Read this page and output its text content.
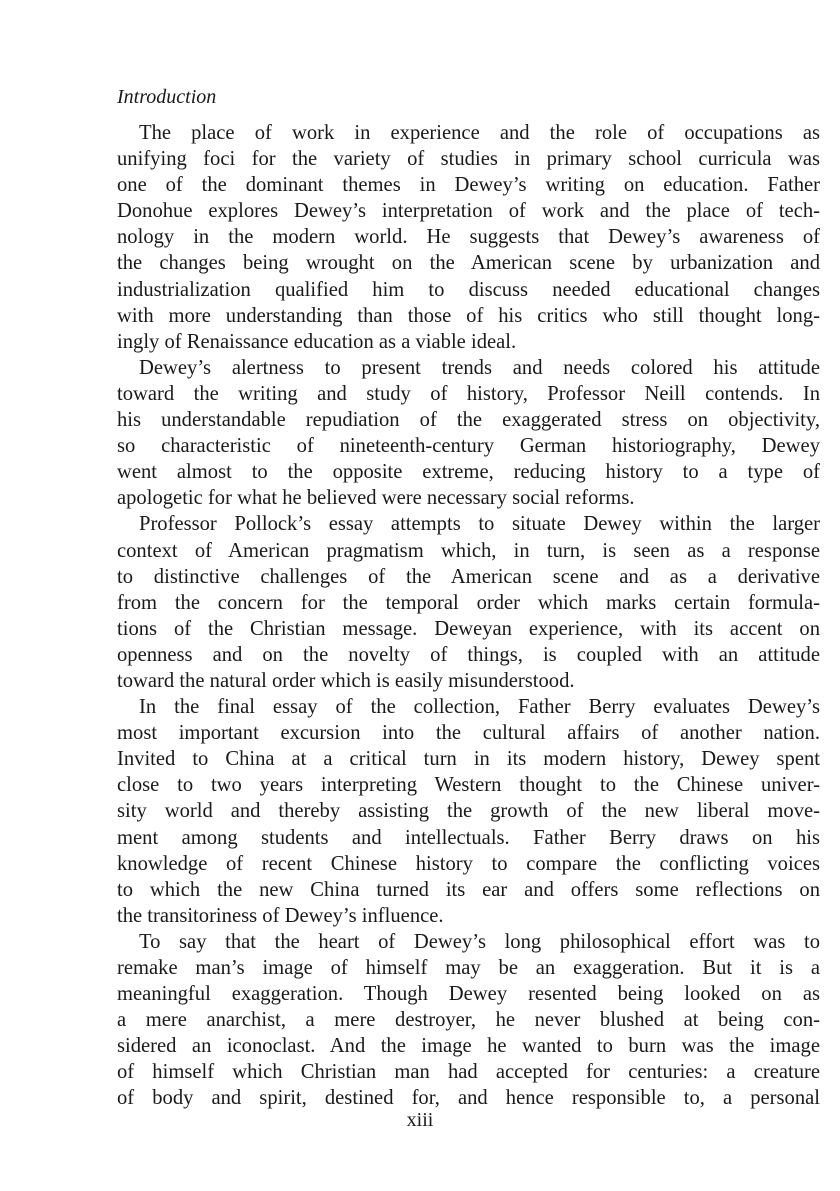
Introduction
The place of work in experience and the role of occupations as
unifying foci for the variety of studies in primary school curricula was
one of the dominant themes in Dewey’s writing on education. Father
Donohue explores Dewey’s interpretation of work and the place of tech-
nology in the modern world. He suggests that Dewey’s awareness of
the changes being wrought on the American scene by urbanization and
industrialization qualified him to discuss needed educational changes
with more understanding than those of his critics who still thought long-
ingly of Renaissance education as a viable ideal.
Dewey’s alertness to present trends and needs colored his attitude
toward the writing and study of history, Professor Neill contends. In
his understandable repudiation of the exaggerated stress on objectivity,
so characteristic of nineteenth-century German historiography, Dewey
went almost to the opposite extreme, reducing history to a type of
apologetic for what he believed were necessary social reforms.
Professor Pollock’s essay attempts to situate Dewey within the larger
context of American pragmatism which, in turn, is seen as a response
to distinctive challenges of the American scene and as a derivative
from the concern for the temporal order which marks certain formula-
tions of the Christian message. Deweyan experience, with its accent on
openness and on the novelty of things, is coupled with an attitude
toward the natural order which is easily misunderstood.
In the final essay of the collection, Father Berry evaluates Dewey’s
most important excursion into the cultural affairs of another nation.
Invited to China at a critical turn in its modern history, Dewey spent
close to two years interpreting Western thought to the Chinese univer-
sity world and thereby assisting the growth of the new liberal move-
ment among students and intellectuals. Father Berry draws on his
knowledge of recent Chinese history to compare the conflicting voices
to which the new China turned its ear and offers some reflections on
the transitoriness of Dewey’s influence.
To say that the heart of Dewey’s long philosophical effort was to
remake man’s image of himself may be an exaggeration. But it is a
meaningful exaggeration. Though Dewey resented being looked on as
a mere anarchist, a mere destroyer, he never blushed at being con-
sidered an iconoclast. And the image he wanted to burn was the image
of himself which Christian man had accepted for centuries: a creature
of body and spirit, destined for, and hence responsible to, a personal
xiii
